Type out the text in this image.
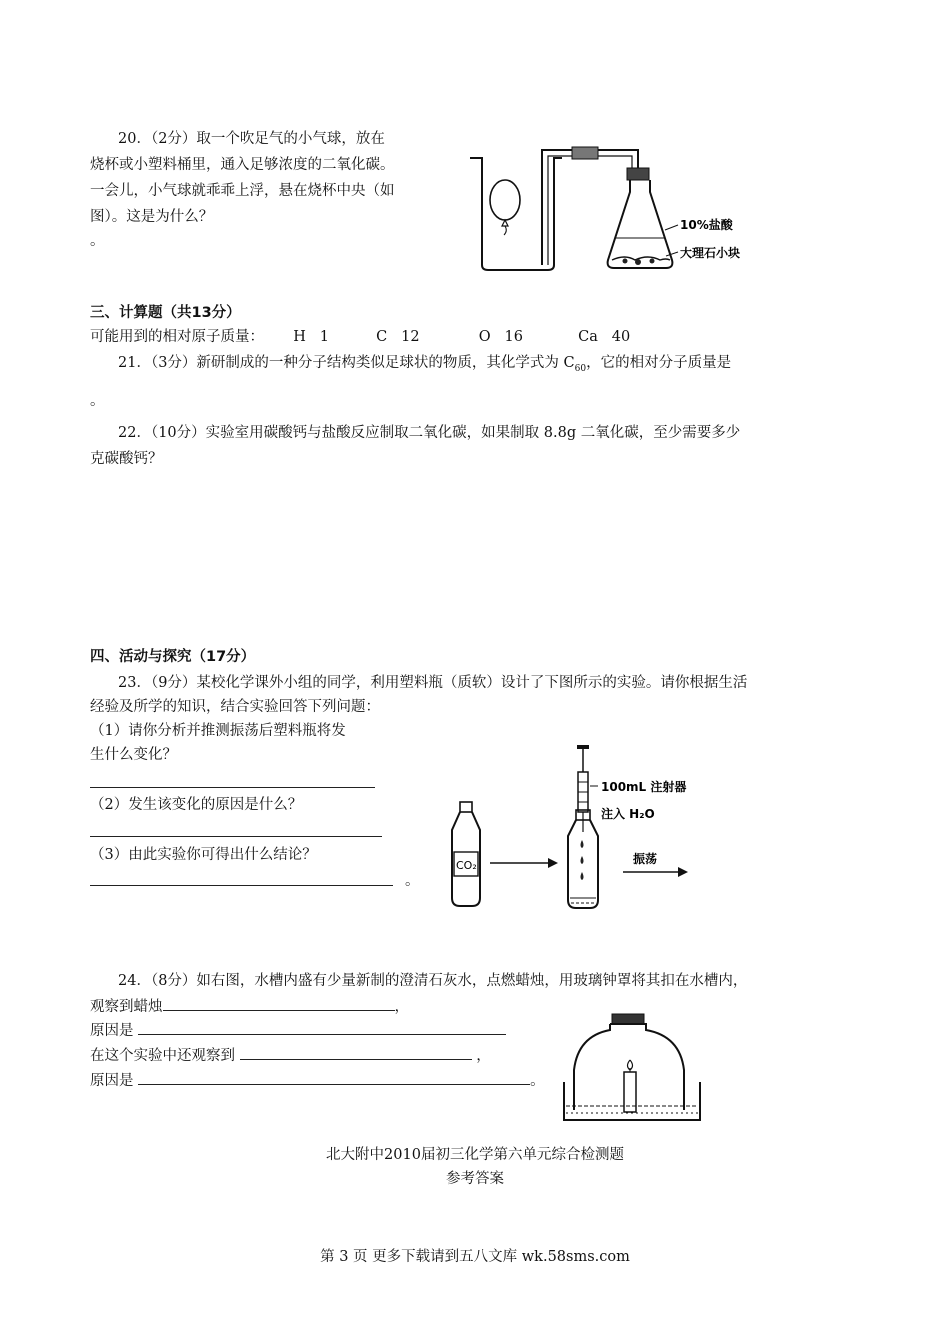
20．（2分）取一个吹足气的小气球，放在
烧杯或小塑料桶里，通入足够浓度的二氧化碳。
一会儿，小气球就乖乖上浮，悬在烧杯中央（如
图）。这是为什么？
。
10%盐酸
大理石小块
三、计算题（共13分）
可能用到的相对原子质量： H 1	C 12	O 16	Ca 40
21．（3分）新研制成的一种分子结构类似足球状的物质，其化学式为 $C_{60}$，它的相对分子质量是
。
22．（10分）实验室用碳酸钙与盐酸反应制取二氧化碳，如果制取 8.8g 二氧化碳，至少需要多少
克碳酸钙？
四、活动与探究（17分）
23．（9分）某校化学课外小组的同学，利用塑料瓶（质软）设计了下图所示的实验。请你根据生活
经验及所学的知识，结合实验回答下列问题：
（1）请你分析并推测振荡后塑料瓶将发
生什么变化？
（2）发生该变化的原因是什么？
（3）由此实验你可得出什么结论？
。
CO₂
100mL 注射器
注入 H₂O
振荡
24．（8分）如右图，水槽内盛有少量新制的澄清石灰水，点燃蜡烛，用玻璃钟罩将其扣在水槽内，
观察到蜡烛	，
原因是
在这个实验中还观察到	，
原因是	。
北大附中2010届初三化学第六单元综合检测题
参考答案
第 3 页 更多下载请到五八文库 wk.58sms.com
